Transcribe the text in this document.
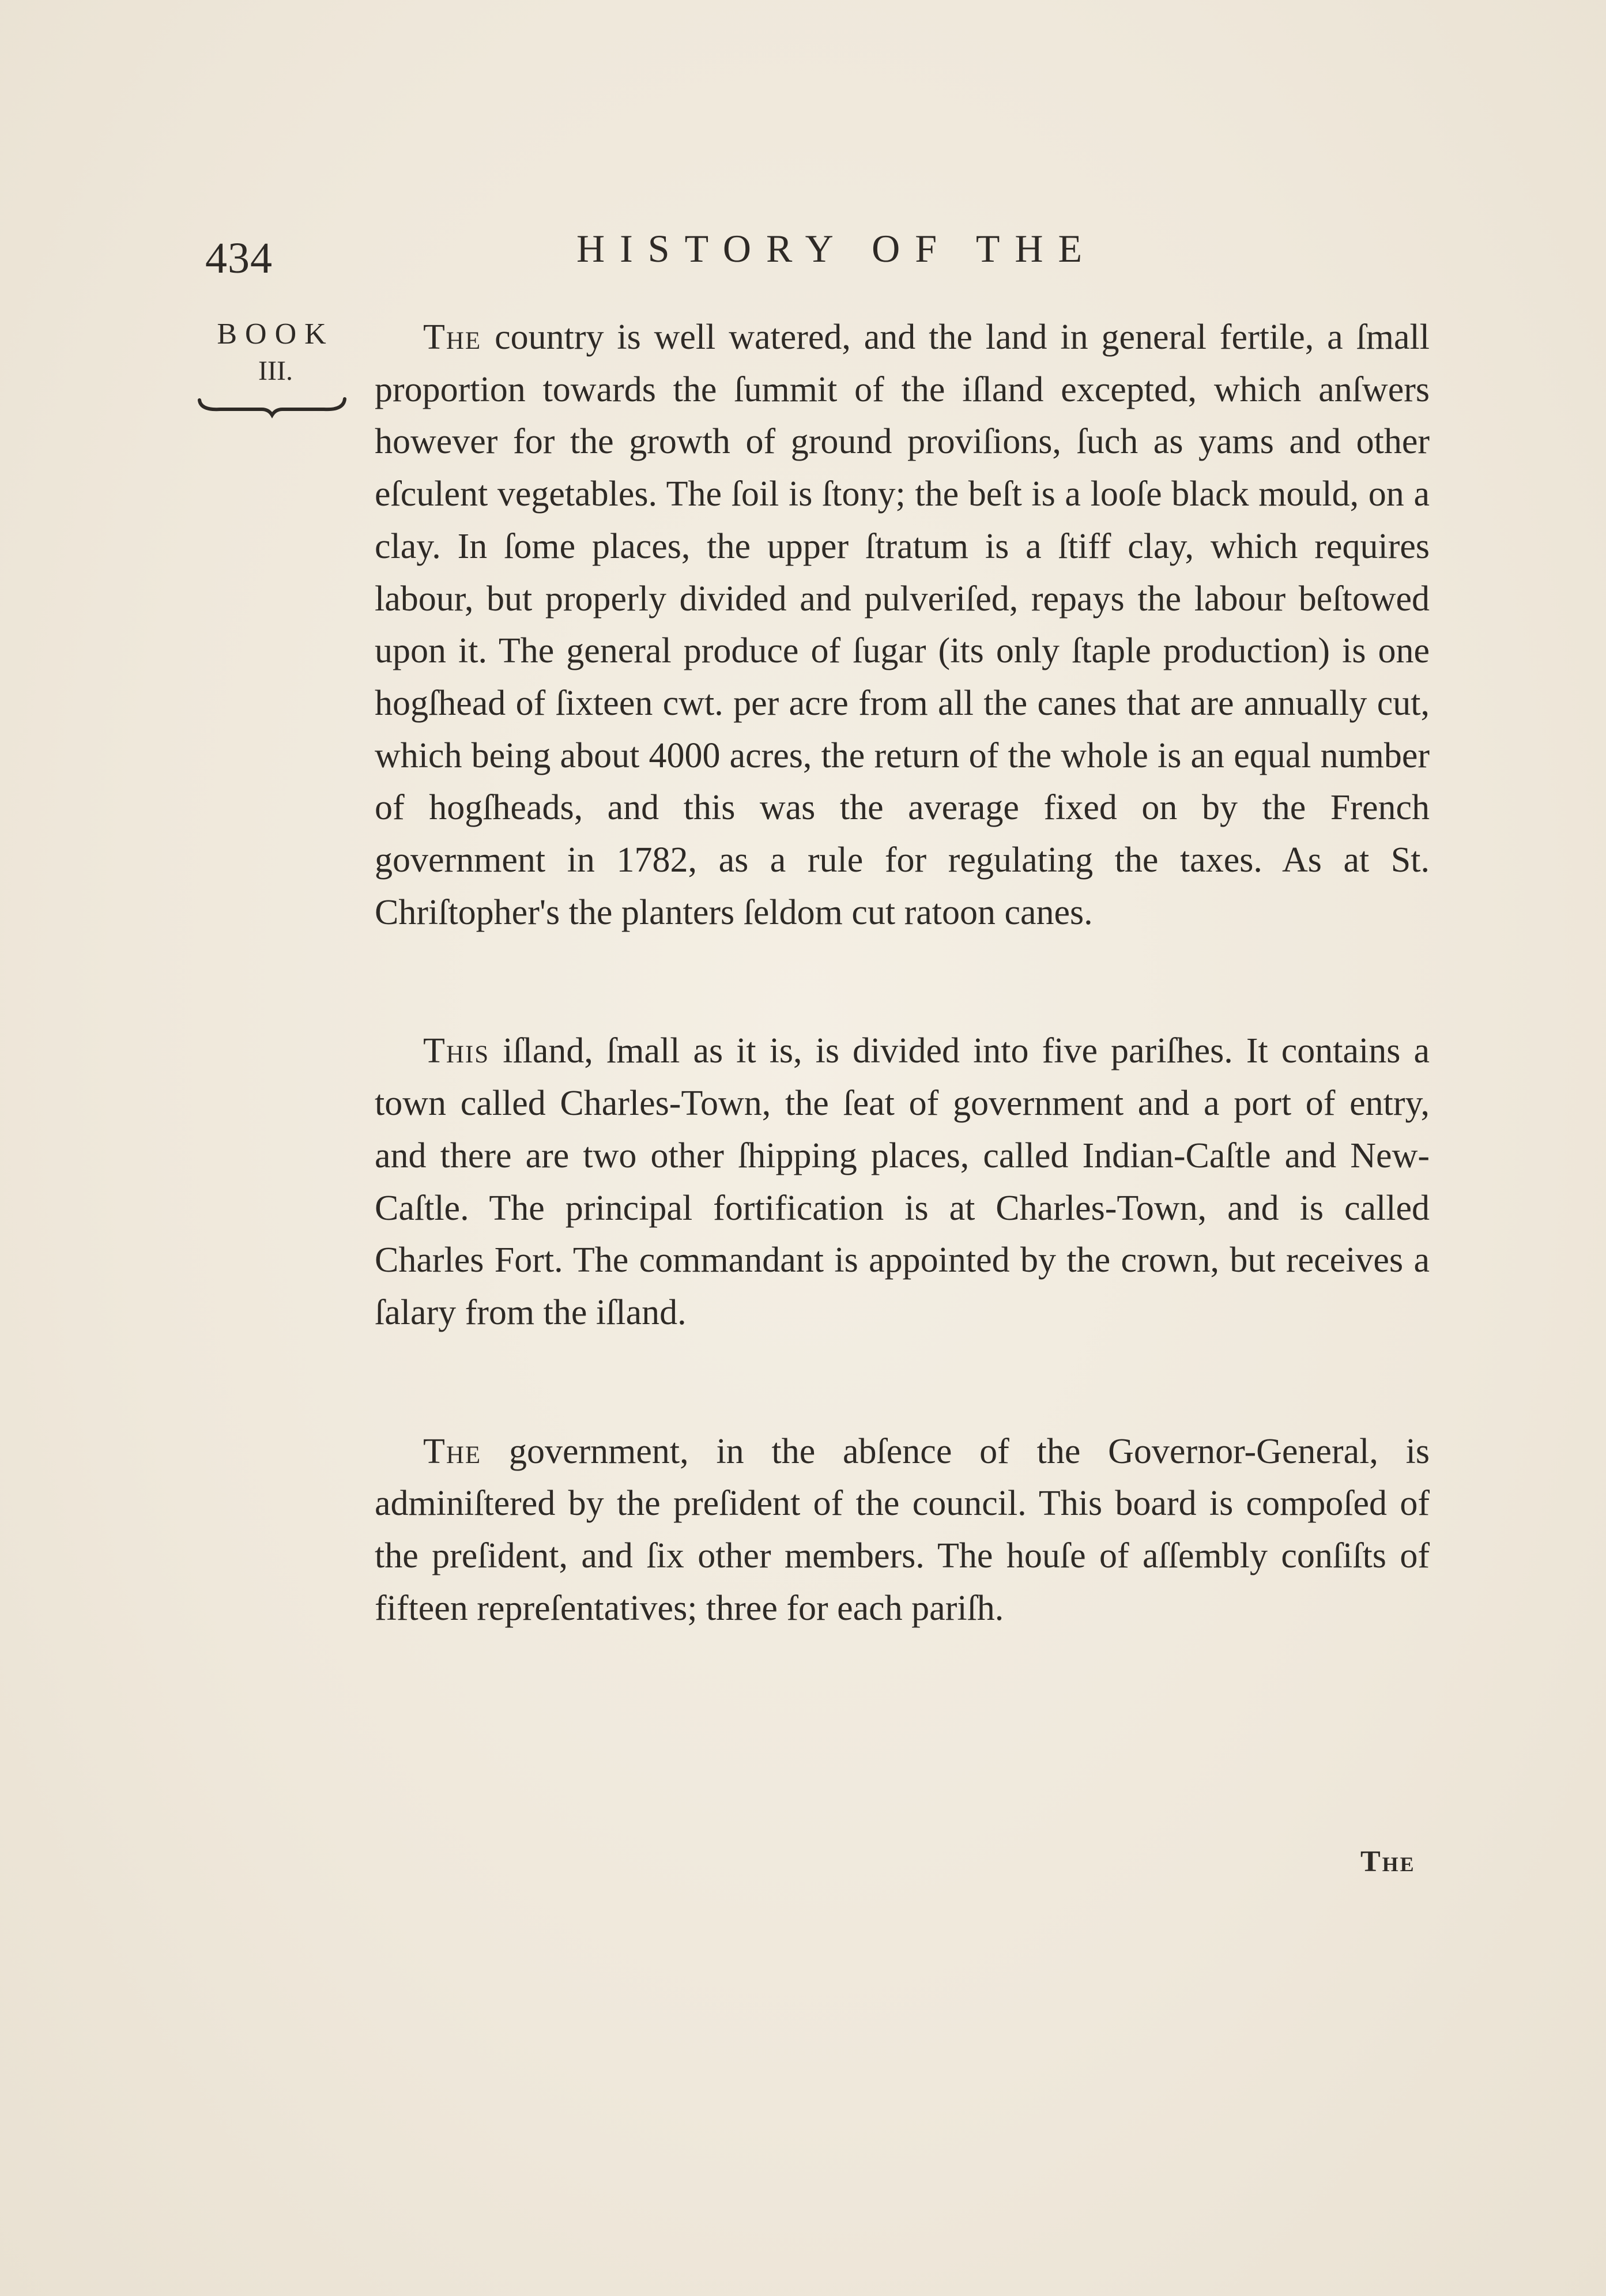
434	HISTORY OF THE
BOOK
III.

The country is well watered, and the land in general fertile, a ſmall proportion towards the ſummit of the iſland excepted, which anſwers however for the growth of ground proviſions, ſuch as yams and other eſculent vegetables. The ſoil is ſtony; the beſt is a looſe black mould, on a clay. In ſome places, the upper ſtratum is a ſtiff clay, which requires labour, but properly divided and pulveriſed, repays the labour beſtowed upon it. The general produce of ſugar (its only ſtaple production) is one hogſhead of ſixteen cwt. per acre from all the canes that are annually cut, which being about 4000 acres, the return of the whole is an equal number of hogſheads, and this was the average fixed on by the French government in 1782, as a rule for regulating the taxes. As at St. Chriſtopher's the planters ſeldom cut ratoon canes.

This iſland, ſmall as it is, is divided into five pariſhes. It contains a town called Charles-Town, the ſeat of government and a port of entry, and there are two other ſhipping places, called Indian-Caſtle and New-Caſtle. The principal fortification is at Charles-Town, and is called Charles Fort. The commandant is appointed by the crown, but receives a ſalary from the iſland.

The government, in the abſence of the Governor-General, is adminiſtered by the preſident of the council. This board is compoſed of the preſident, and ſix other members. The houſe of aſſembly conſiſts of fifteen repreſentatives; three for each pariſh.

The
